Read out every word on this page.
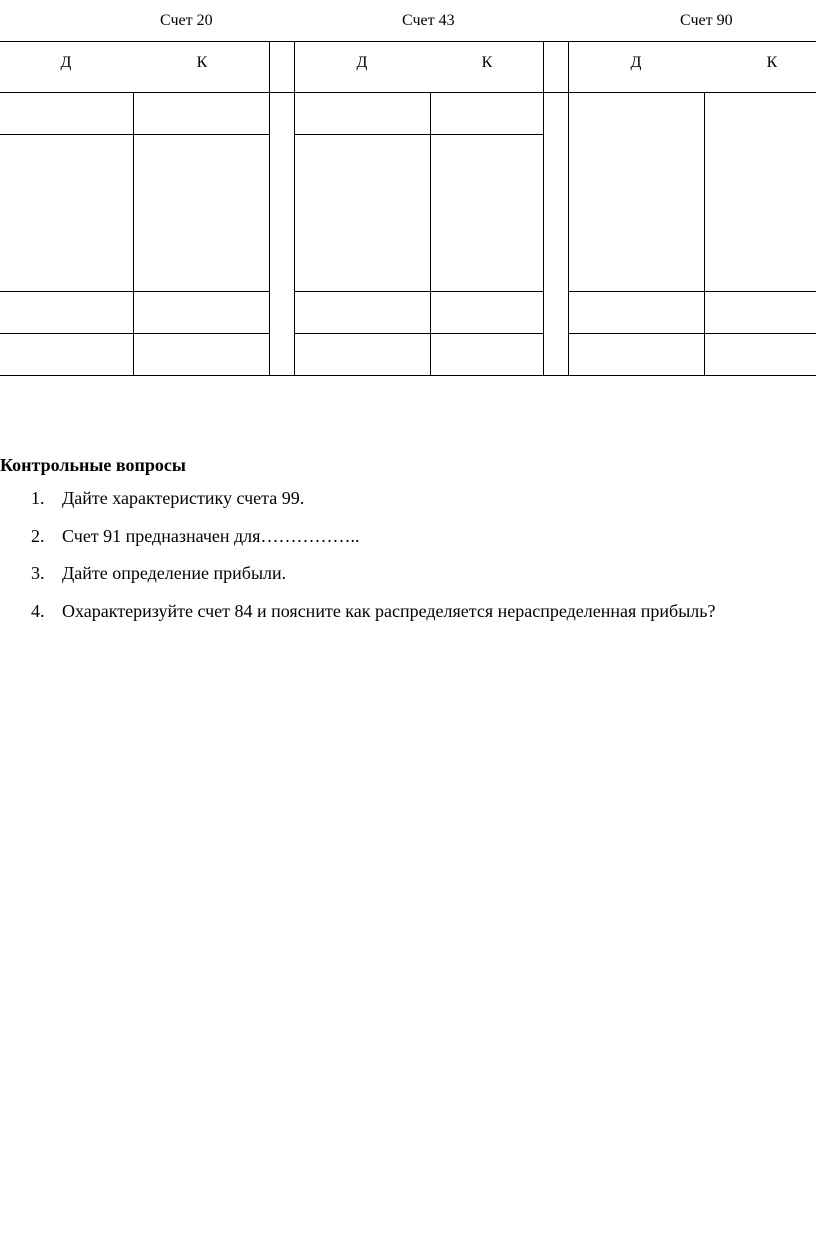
Счет 20	Счет 43	Счет 90
Д	К	Д	К	Д	К
Контрольные вопросы
1. Дайте характеристику счета 99.
2. Счет 91 предназначен для……………..
3. Дайте определение прибыли.
4. Охарактеризуйте счет 84 и поясните как распределяется нераспределенная прибыль?
